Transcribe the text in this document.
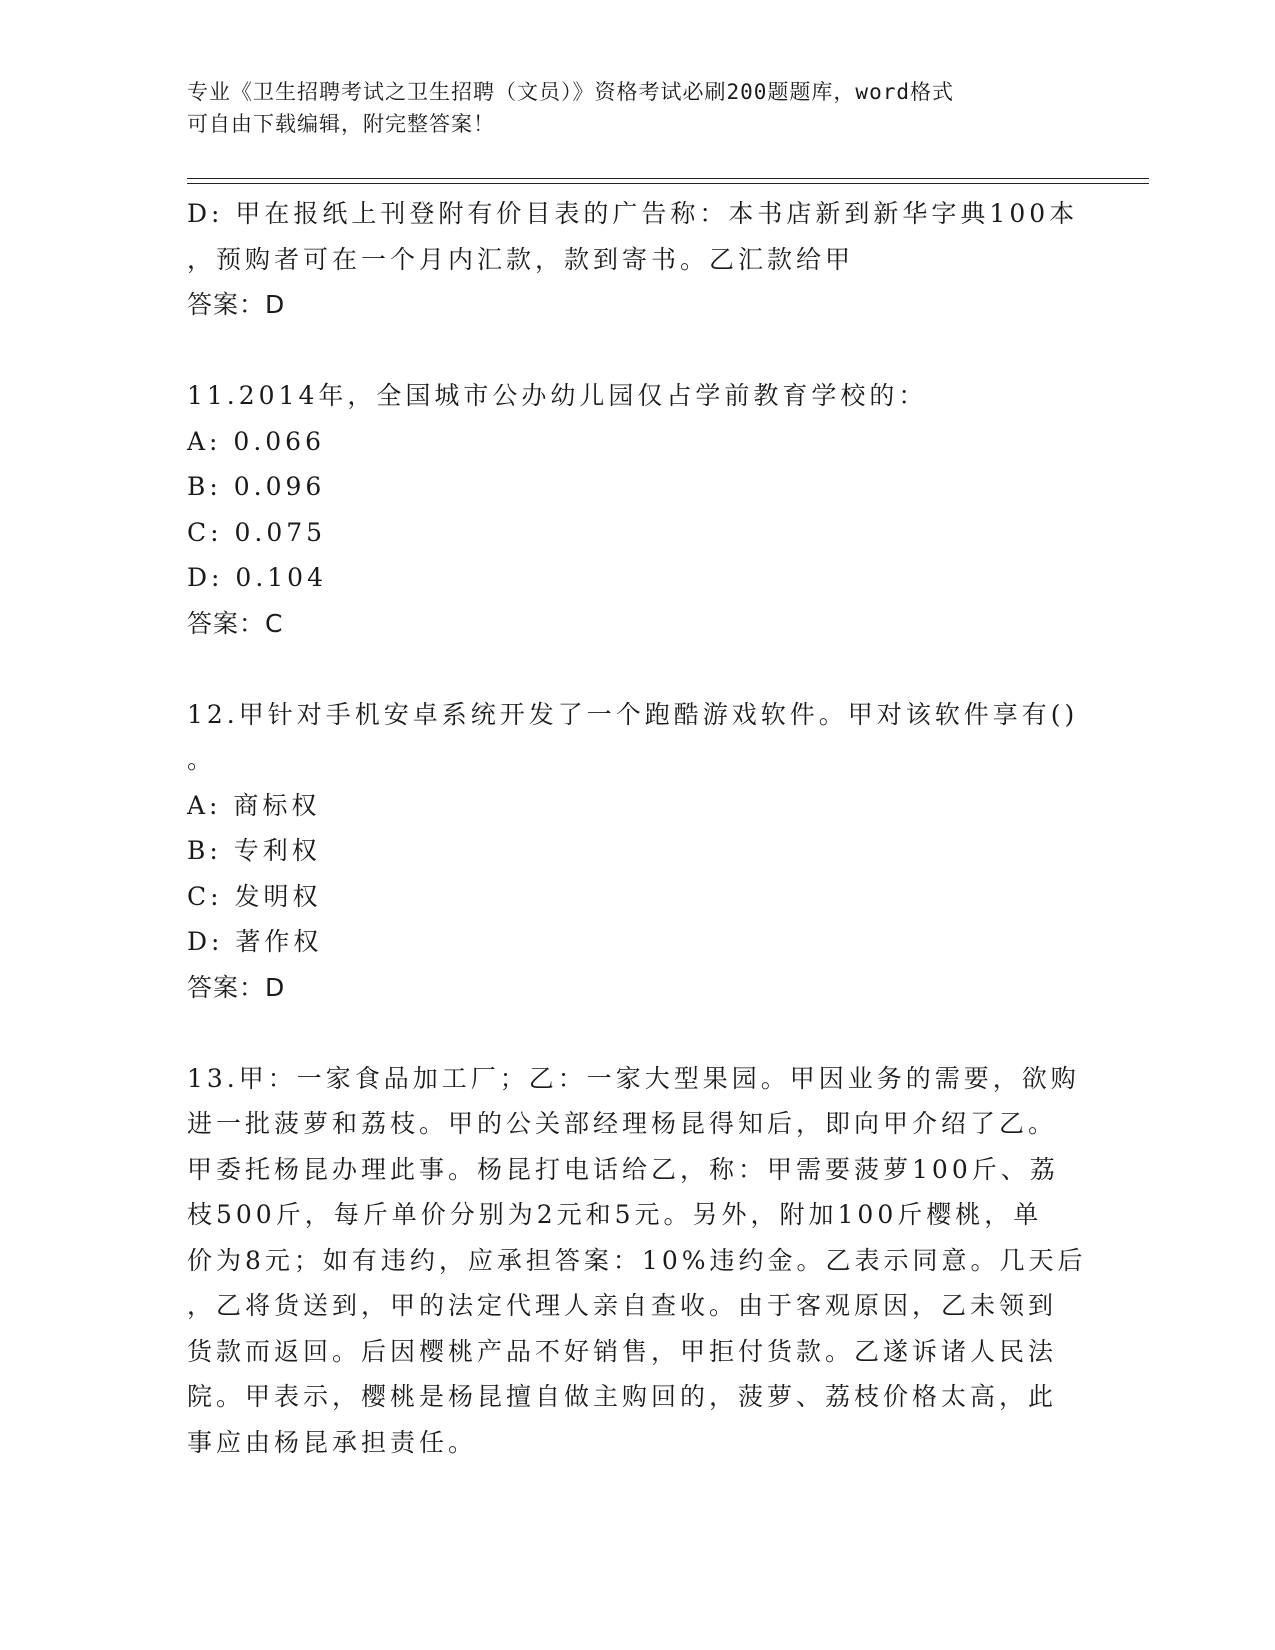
专业《卫生招聘考试之卫生招聘（文员）》资格考试必刷200题题库，word格式
可自由下载编辑，附完整答案！
D: 甲在报纸上刊登附有价目表的广告称：本书店新到新华字典100本
，预购者可在一个月内汇款，款到寄书。乙汇款给甲
答案：D
11.2014年，全国城市公办幼儿园仅占学前教育学校的：
A: 0.066
B: 0.096
C: 0.075
D: 0.104
答案：C
12.甲针对手机安卓系统开发了一个跑酷游戏软件。甲对该软件享有()
。
A: 商标权
B: 专利权
C: 发明权
D: 著作权
答案：D
13.甲：一家食品加工厂；乙：一家大型果园。甲因业务的需要，欲购
进一批菠萝和荔枝。甲的公关部经理杨昆得知后，即向甲介绍了乙。
甲委托杨昆办理此事。杨昆打电话给乙，称：甲需要菠萝100斤、荔
枝500斤，每斤单价分别为2元和5元。另外，附加100斤樱桃，单
价为8元；如有违约，应承担答案：10%违约金。乙表示同意。几天后
，乙将货送到，甲的法定代理人亲自查收。由于客观原因，乙未领到
货款而返回。后因樱桃产品不好销售，甲拒付货款。乙遂诉诸人民法
院。甲表示，樱桃是杨昆擅自做主购回的，菠萝、荔枝价格太高，此
事应由杨昆承担责任。
